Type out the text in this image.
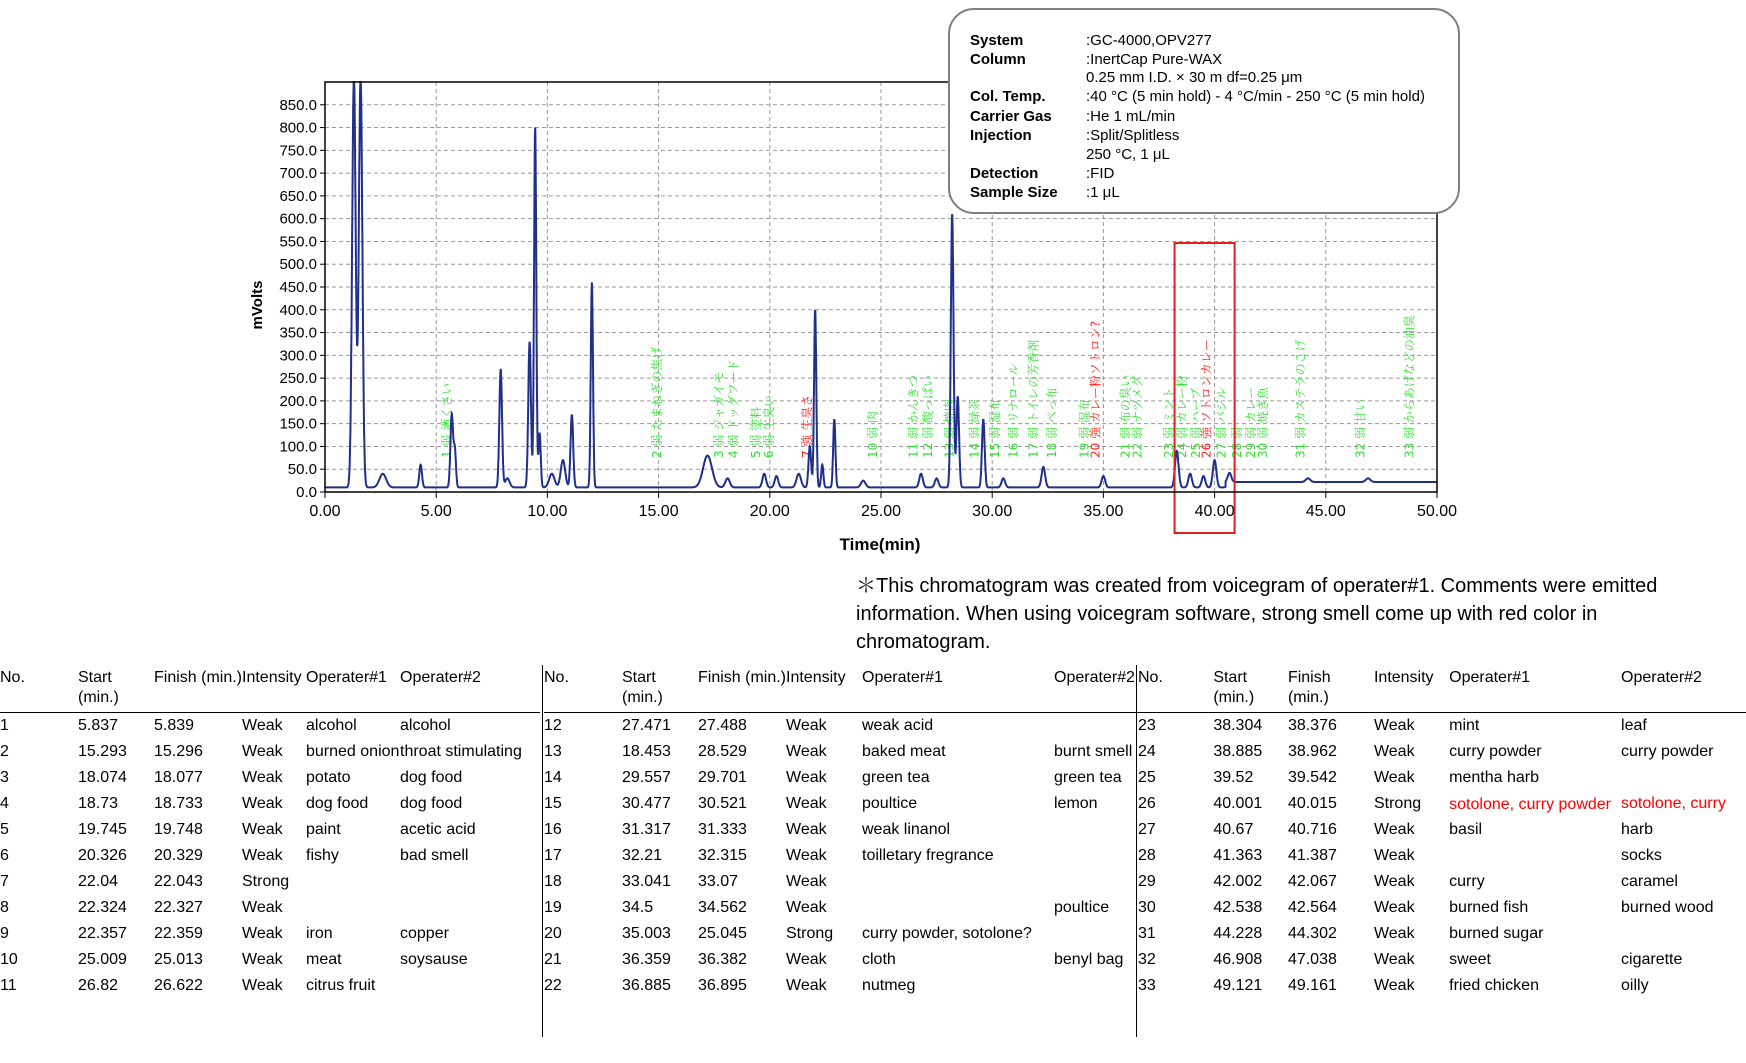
0.0
50.0
100.0
150.0
200.0
250.0
300.0
350.0
400.0
450.0
500.0
550.0
600.0
650.0
700.0
750.0
800.0
850.0
0.00	5.00	10.00	15.00	20.00	25.00	30.00	35.00	40.00	45.00	50.00
1 弱 酒くさい	2 弱 たまねぎの焦げ	3 弱 ジャガイモ 4 弱 ドッグフード 5 弱 塗料
6 弱 生臭い 7 強 生臭さ	10 弱 肉 11 弱 かんきつ 12 弱 酸っぱい 13 弱 焼肉 14 弱 緑茶 15 弱 湿布 16 弱 リナロール 17 弱 トイレの芳香剤 18 弱 ぺっ布 19 弱 湿布
20 強 カレー粉ソトロン? 21 弱 布の臭い
22 弱 ナツメグ 23 弱 ミント 24 弱 カレー粉 25 弱 ハーブ
26 強 ソトロンカレー 27 弱 バジル 28 弱 29 弱 カレー
30 弱 焼き魚 31 弱 カステラのこげ	32 弱 甘い	33 弱 からあげなどの油臭
mVolts
Time(min)
System	:GC-4000,OPV277
Column	:InertCap Pure-WAX
0.25 mm I.D. × 30 m df=0.25 μm
Col. Temp.	:40 °C (5 min hold) - 4 °C/min - 250 °C (5 min hold)
Carrier Gas :He 1 mL/min
Injection	:Split/Splitless
250 °C, 1 μL
Detection	:FID
Sample Size :1 μL
＊This chromatogram was created from voicegram of operater#1. Comments were emitted information. When using voicegram software, strong smell come up with red color in chromatogram.
No.	Start (min.)	Finish (min.)	Intensity	Operater#1	Operater#2
1	5.837	5.839	Weak	alcohol	alcohol
2	15.293	15.296	Weak	burned onion	throat stimulating
3	18.074	18.077	Weak	potato	dog food
4	18.73	18.733	Weak	dog food	dog food
5	19.745	19.748	Weak	paint	acetic acid
6	20.326	20.329	Weak	fishy	bad smell
7	22.04	22.043	Strong		
8	22.324	22.327	Weak		
9	22.357	22.359	Weak	iron	copper
10	25.009	25.013	Weak	meat	soysause
11	26.82	26.622	Weak	citrus fruit	
No.	Start (min.)	Finish (min.)	Intensity	Operater#1	Operater#2
12	27.471	27.488	Weak	weak acid	
13	18.453	28.529	Weak	baked meat	burnt smell
14	29.557	29.701	Weak	green tea	green tea
15	30.477	30.521	Weak	poultice	lemon
16	31.317	31.333	Weak	weak linanol	
17	32.21	32.315	Weak	toilletary fregrance	
18	33.041	33.07	Weak		
19	34.5	34.562	Weak		poultice
20	35.003	25.045	Strong	curry powder, sotolone?	
21	36.359	36.382	Weak	cloth	benyl bag
22	36.885	36.895	Weak	nutmeg	
No.	Start (min.)	Finish (min.)	Intensity	Operater#1	Operater#2
23	38.304	38.376	Weak	mint	leaf
24	38.885	38.962	Weak	curry powder	curry powder
25	39.52	39.542	Weak	mentha harb	
26	40.001	40.015	Strong	sotolone, curry powder	sotolone, curry
27	40.67	40.716	Weak	basil	harb
28	41.363	41.387	Weak		socks
29	42.002	42.067	Weak	curry	caramel
30	42.538	42.564	Weak	burned fish	burned wood
31	44.228	44.302	Weak	burned sugar	
32	46.908	47.038	Weak	sweet	cigarette
33	49.121	49.161	Weak	fried chicken	oilly
